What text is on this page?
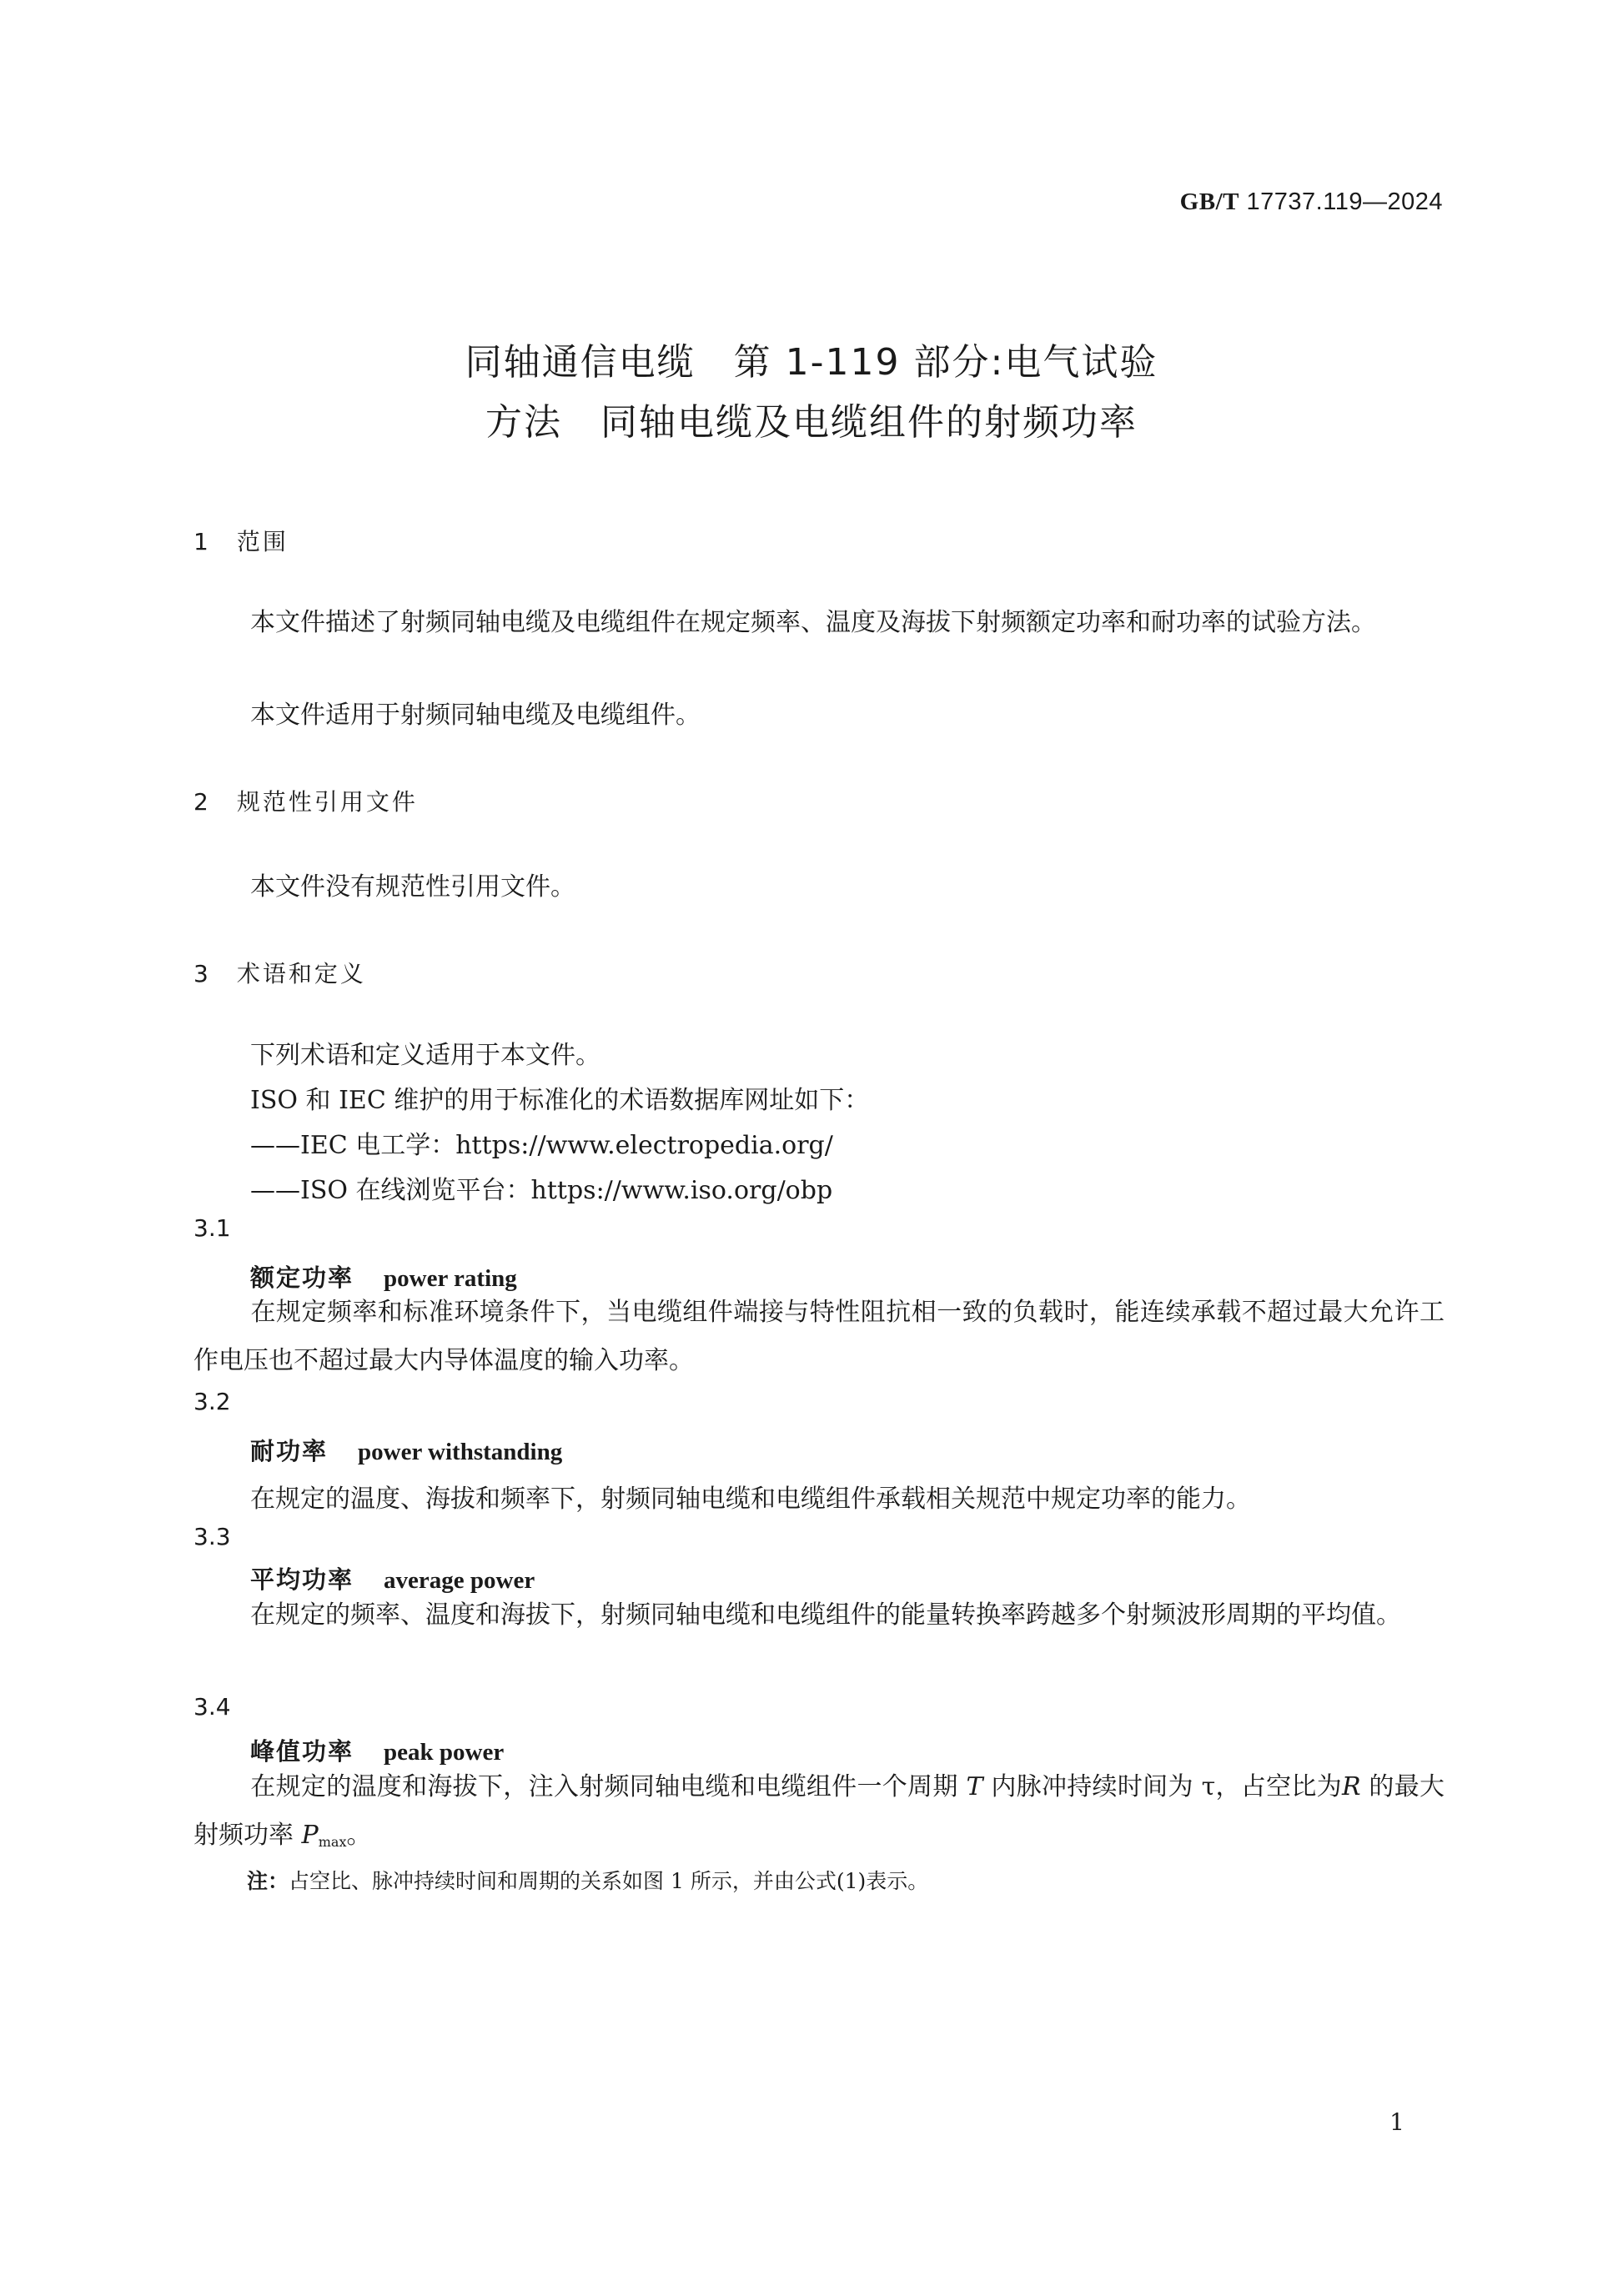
GB/T 17737.119—2024
同轴通信电缆　第 1-119 部分:电气试验
方法　同轴电缆及电缆组件的射频功率
1　范围
本文件描述了射频同轴电缆及电缆组件在规定频率、温度及海拔下射频额定功率和耐功率的试验方法。
本文件适用于射频同轴电缆及电缆组件。
2　规范性引用文件
本文件没有规范性引用文件。
3　术语和定义
下列术语和定义适用于本文件。
ISO 和 IEC 维护的用于标准化的术语数据库网址如下：
——IEC 电工学：https://www.electropedia.org/
——ISO 在线浏览平台：https://www.iso.org/obp
3.1
额定功率 power rating
在规定频率和标准环境条件下，当电缆组件端接与特性阻抗相一致的负载时，能连续承载不超过最大允许工作电压也不超过最大内导体温度的输入功率。
3.2
耐功率 power withstanding
在规定的温度、海拔和频率下，射频同轴电缆和电缆组件承载相关规范中规定功率的能力。
3.3
平均功率 average power
在规定的频率、温度和海拔下，射频同轴电缆和电缆组件的能量转换率跨越多个射频波形周期的平均值。
3.4
峰值功率 peak power
在规定的温度和海拔下，注入射频同轴电缆和电缆组件一个周期 T 内脉冲持续时间为 τ，占空比为R 的最大射频功率 $P_{max}$。
注：占空比、脉冲持续时间和周期的关系如图 1 所示，并由公式(1)表示。
1
